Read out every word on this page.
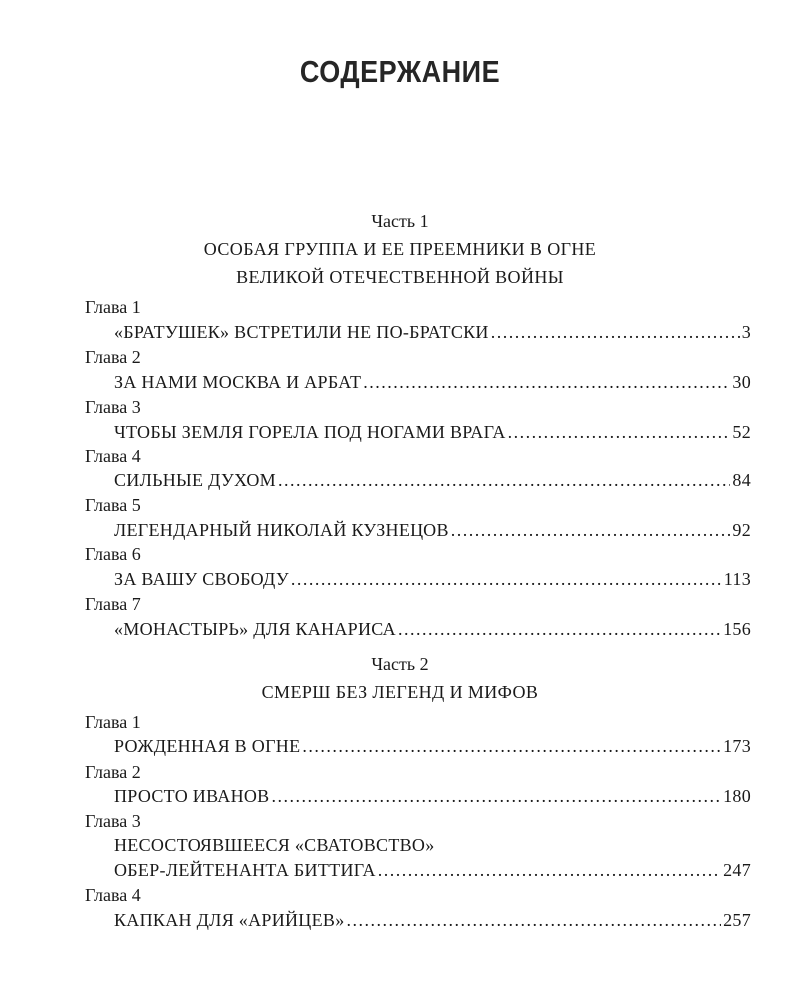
СОДЕРЖАНИЕ
Часть 1
ОСОБАЯ ГРУППА И ЕЕ ПРЕЕМНИКИ В ОГНЕ
ВЕЛИКОЙ ОТЕЧЕСТВЕННОЙ ВОЙНЫ
Глава 1
«БРАТУШЕК» ВСТРЕТИЛИ НЕ ПО-БРАТСКИ .....	3
Глава 2
ЗА НАМИ МОСКВА И АРБАТ .....	30
Глава 3
ЧТОБЫ ЗЕМЛЯ ГОРЕЛА ПОД НОГАМИ ВРАГА .....	52
Глава 4
СИЛЬНЫЕ ДУХОМ .....	84
Глава 5
ЛЕГЕНДАРНЫЙ НИКОЛАЙ КУЗНЕЦОВ .....	92
Глава 6
ЗА ВАШУ СВОБОДУ .....	113
Глава 7
«МОНАСТЫРЬ» ДЛЯ КАНАРИСА .....	156
Часть 2
СМЕРШ БЕЗ ЛЕГЕНД И МИФОВ
Глава 1
РОЖДЕННАЯ В ОГНЕ .....	173
Глава 2
ПРОСТО ИВАНОВ .....	180
Глава 3
НЕСОСТОЯВШЕЕСЯ «СВАТОВСТВО»
ОБЕР-ЛЕЙТЕНАНТА БИТТИГА .....	247
Глава 4
КАПКАН ДЛЯ «АРИЙЦЕВ» .....	257
